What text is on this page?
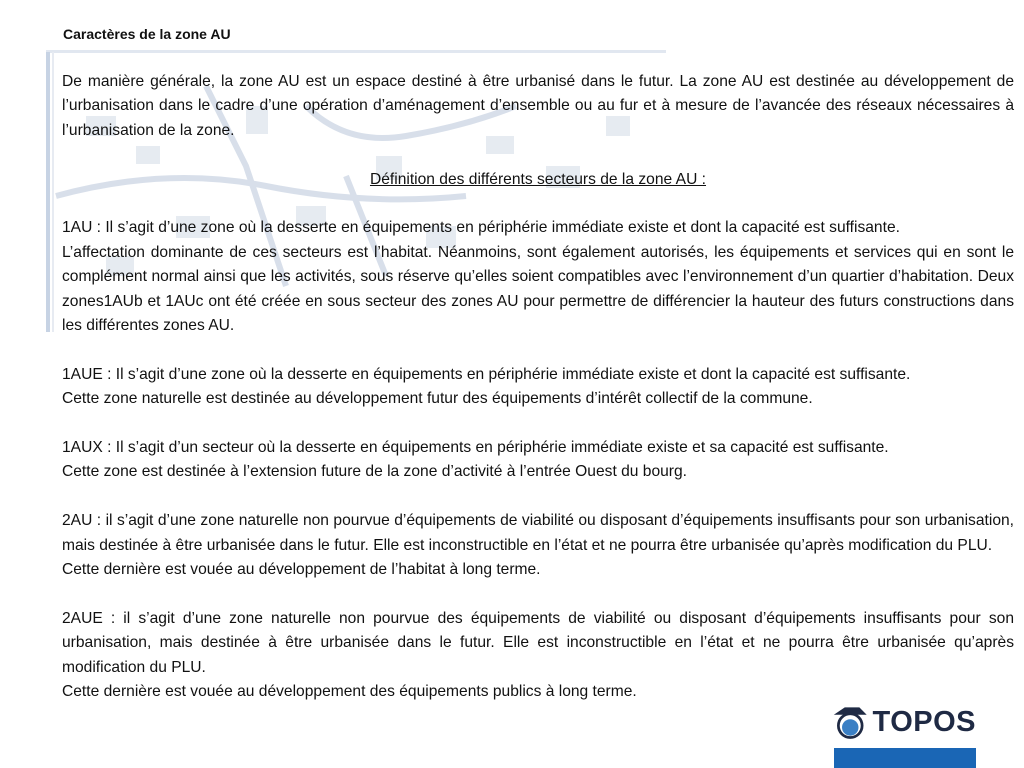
Caractères de la zone AU

De manière générale, la zone AU est un espace destiné à être urbanisé dans le futur. La zone AU est destinée au développement de l’urbanisation dans le cadre d’une opération d’aménagement d’ensemble ou au fur et à mesure de l’avancée des réseaux nécessaires à l’urbanisation de la zone.

Définition des différents secteurs de la zone AU :

1AU : Il s’agit d’une zone où la desserte en équipements en périphérie immédiate existe et dont la capacité est suffisante.

L’affectation dominante de ces secteurs est l’habitat. Néanmoins, sont également autorisés, les équipements et services qui en sont le complément normal ainsi que les activités, sous réserve qu’elles soient compatibles avec l’environnement d’un quartier d’habitation. Deux zones1AUb et 1AUc ont été créée en sous secteur des zones AU pour permettre de différencier la hauteur des futurs constructions dans les différentes zones AU.

1AUE : Il s’agit d’une zone où la desserte en équipements en périphérie immédiate existe et dont la capacité est suffisante.

Cette zone naturelle est destinée au développement futur des équipements d’intérêt collectif de la commune.

1AUX : Il s’agit d’un secteur où la desserte en équipements en périphérie immédiate existe et sa capacité est suffisante.

Cette zone est destinée à l’extension future de la zone d’activité à l’entrée Ouest du bourg.

2AU : il s’agit d’une zone naturelle non pourvue d’équipements de viabilité ou disposant d’équipements insuffisants pour son urbanisation, mais destinée à être urbanisée dans le futur. Elle est inconstructible en l’état et ne pourra être urbanisée qu’après modification du PLU.

Cette dernière est vouée au développement de l’habitat à long terme.

2AUE : il s’agit d’une zone naturelle non pourvue des équipements de viabilité ou disposant d’équipements insuffisants pour son urbanisation, mais destinée à être urbanisée dans le futur. Elle est inconstructible en l’état et ne pourra être urbanisée qu’après modification du PLU.

Cette dernière est vouée au développement des équipements publics à long terme.

TOPOS
